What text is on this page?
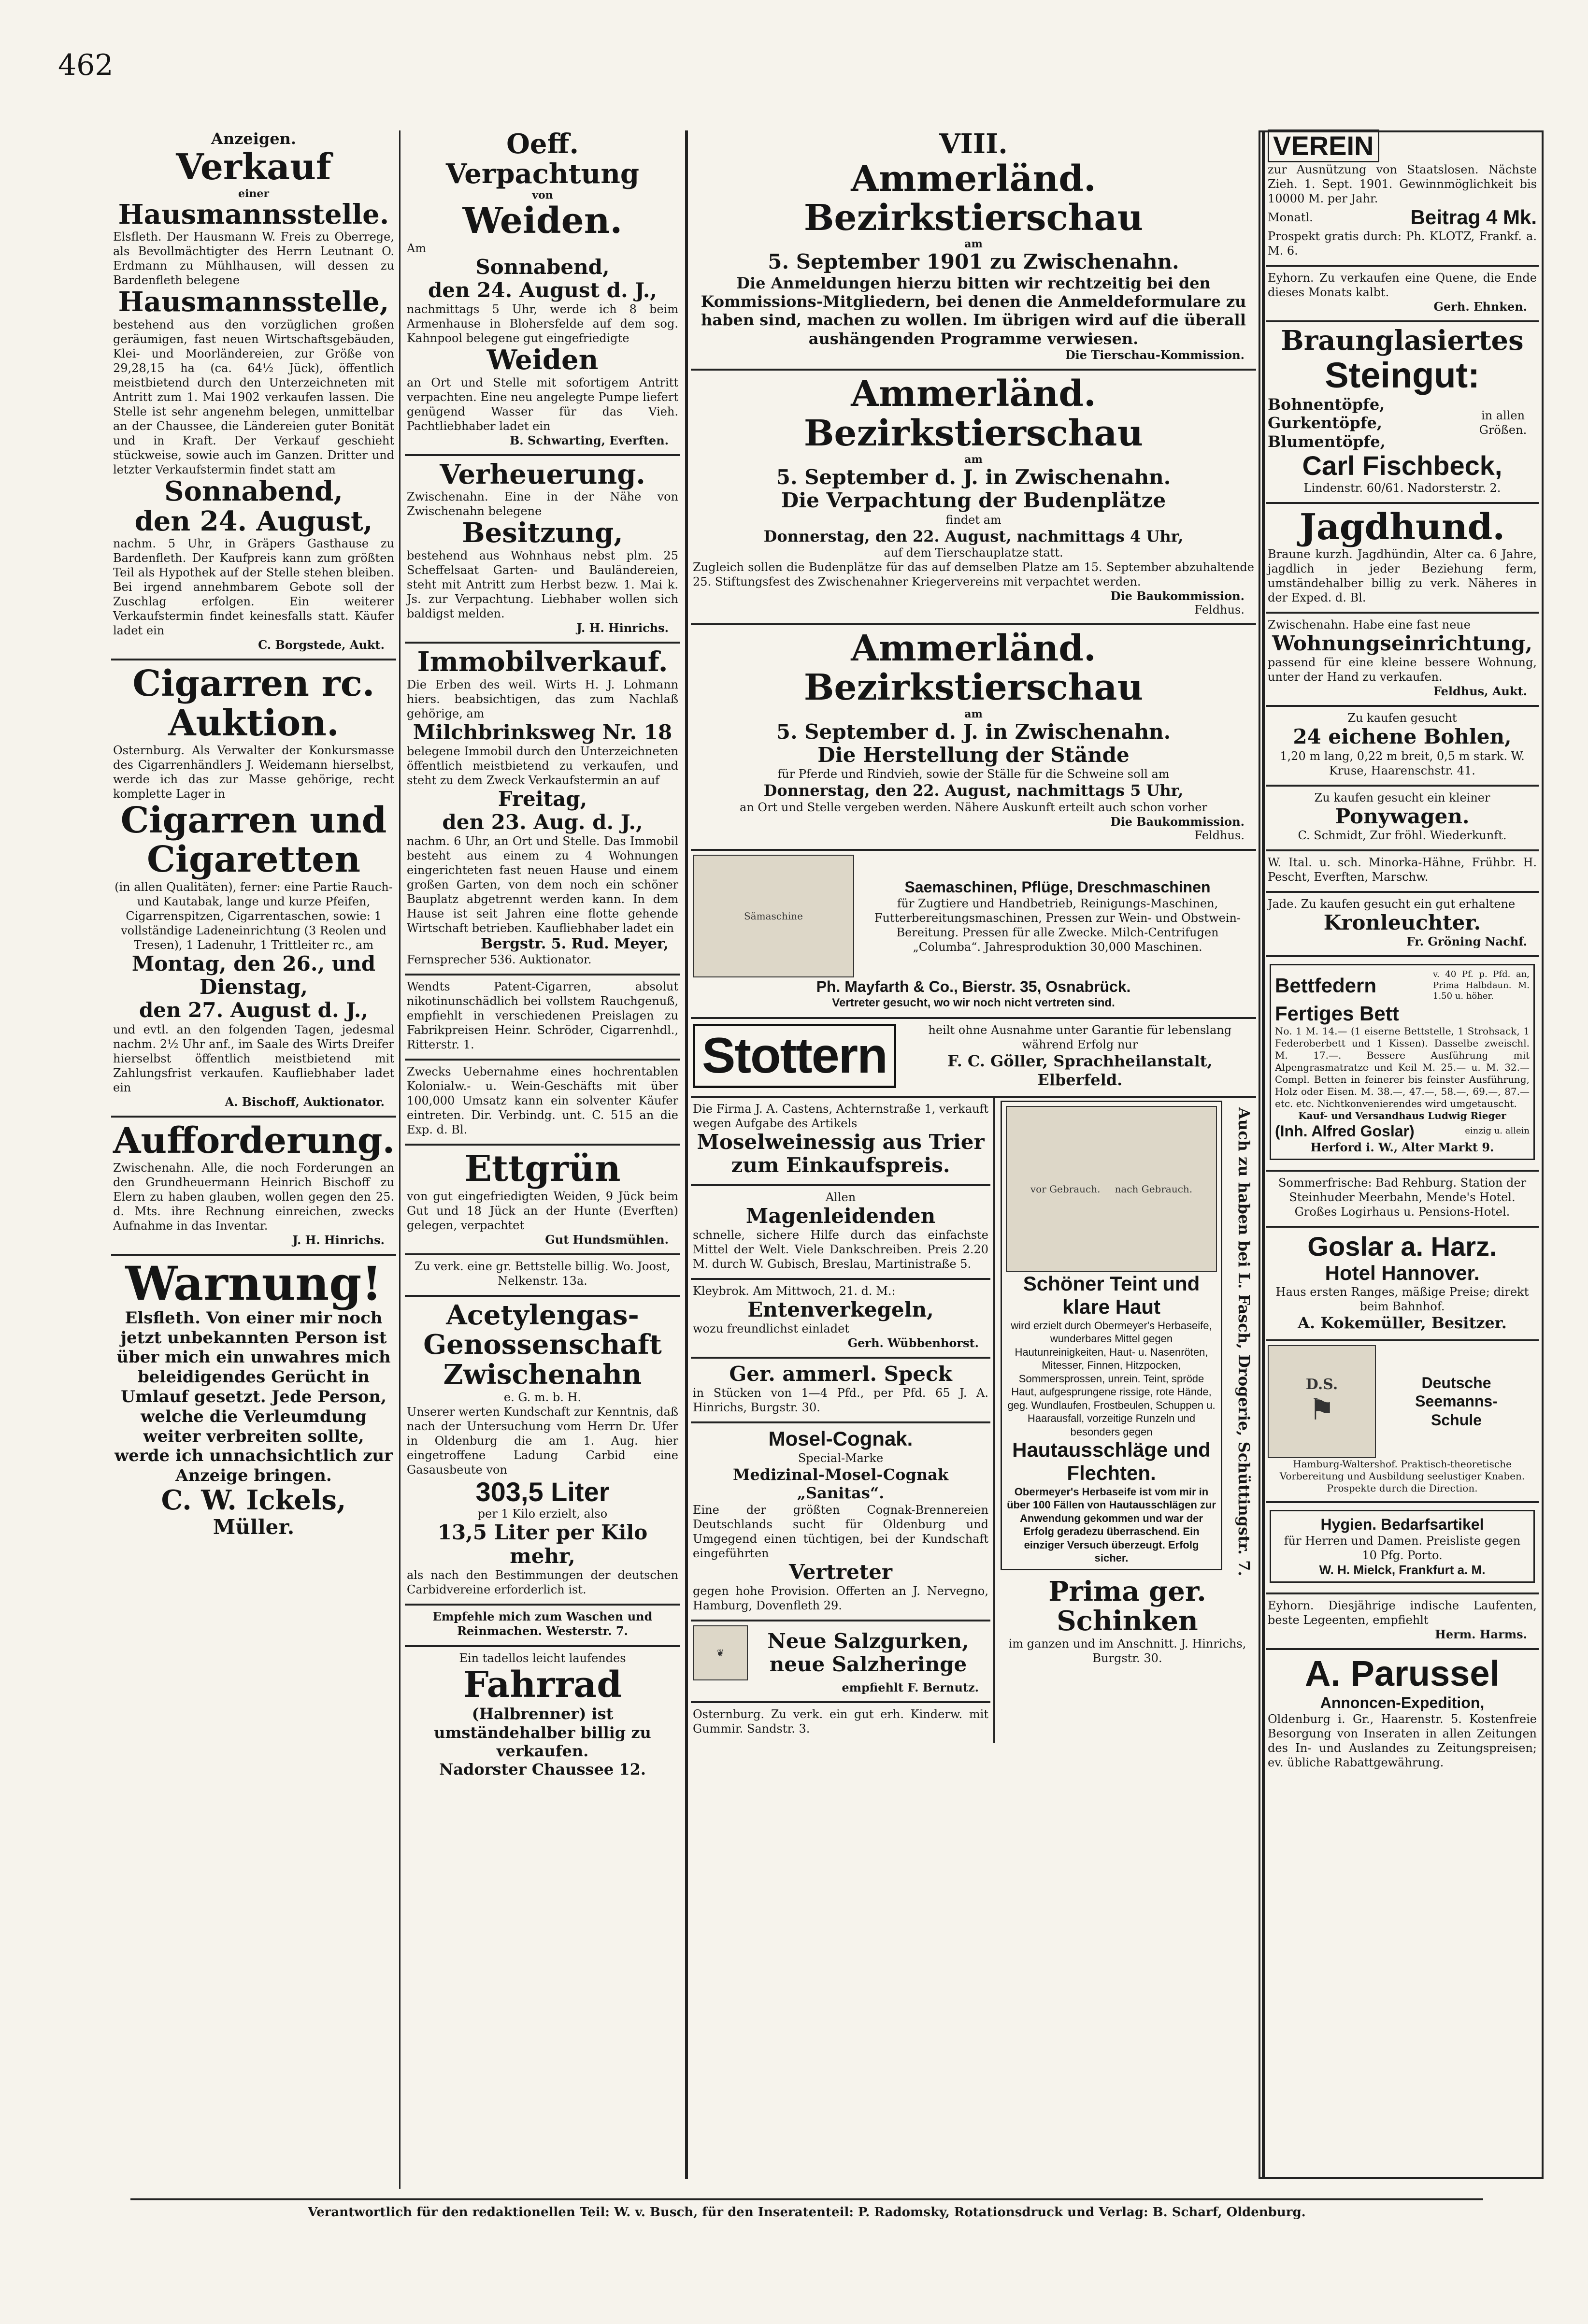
462
Anzeigen.
Verkauf
einer
Hausmannsstelle.
Elsfleth. Der Hausmann W. Freis zu Oberrege, als Bevollmächtigter des Herrn Leutnant O. Erdmann zu Mühlhausen, will dessen zu Bardenfleth belegene
Hausmannsstelle,
bestehend aus den vorzüglichen großen geräumigen, fast neuen Wirtschaftsgebäuden, Klei- und Moorländereien, zur Größe von 29,28,15 ha (ca. 64½ Jück), öffentlich meistbietend durch den Unterzeichneten mit Antritt zum 1. Mai 1902 verkaufen lassen. Die Stelle ist sehr angenehm belegen, unmittelbar an der Chaussee, die Ländereien guter Bonität und in Kraft. Der Verkauf geschieht stückweise, sowie auch im Ganzen. Dritter und letzter Verkaufstermin findet statt am
Sonnabend,
den 24. August,
nachm. 5 Uhr, in Gräpers Gasthause zu Bardenfleth. Der Kaufpreis kann zum größten Teil als Hypothek auf der Stelle stehen bleiben. Bei irgend annehmbarem Gebote soll der Zuschlag erfolgen. Ein weiterer Verkaufstermin findet keinesfalls statt. Käufer ladet ein
C. Borgstede, Aukt.
Cigarren rc.
Auktion.
Osternburg. Als Verwalter der Konkursmasse des Cigarrenhändlers J. Weidemann hierselbst, werde ich das zur Masse gehörige, recht komplette Lager in
Cigarren und
Cigaretten
(in allen Qualitäten), ferner: eine Partie Rauch- und Kautabak, lange und kurze Pfeifen, Cigarrenspitzen, Cigarrentaschen, sowie: 1 vollständige Ladeneinrichtung (3 Reolen und Tresen), 1 Ladenuhr, 1 Trittleiter rc., am
Montag, den 26., und
Dienstag,
den 27. August d. J.,
und evtl. an den folgenden Tagen, jedesmal nachm. 2½ Uhr anf., im Saale des Wirts Dreifer hierselbst öffentlich meistbietend mit Zahlungsfrist verkaufen. Kaufliebhaber ladet ein
A. Bischoff, Auktionator.
Aufforderung.
Zwischenahn. Alle, die noch Forderungen an den Grundheuermann Heinrich Bischoff zu Elern zu haben glauben, wollen gegen den 25. d. Mts. ihre Rechnung einreichen, zwecks Aufnahme in das Inventar.
J. H. Hinrichs.
Warnung!
Elsfleth. Von einer mir noch jetzt unbekannten Person ist über mich ein unwahres mich beleidigendes Gerücht in Umlauf gesetzt. Jede Person, welche die Verleumdung weiter verbreiten sollte, werde ich unnachsichtlich zur Anzeige bringen.
C. W. Ickels,
Müller.
Oeff. Verpachtung
von
Weiden.
Am
Sonnabend,
den 24. August d. J.,
nachmittags 5 Uhr, werde ich 8 beim Armenhause in Blohersfelde auf dem sog. Kahnpool belegene gut eingefriedigte
Weiden
an Ort und Stelle mit sofortigem Antritt verpachten. Eine neu angelegte Pumpe liefert genügend Wasser für das Vieh. Pachtliebhaber ladet ein
B. Schwarting, Everften.
Verheuerung.
Zwischenahn. Eine in der Nähe von Zwischenahn belegene
Besitzung,
bestehend aus Wohnhaus nebst plm. 25 Scheffelsaat Garten- und Bauländereien, steht mit Antritt zum Herbst bezw. 1. Mai k. Js. zur Verpachtung. Liebhaber wollen sich baldigst melden.
J. H. Hinrichs.
Immobilverkauf.
Die Erben des weil. Wirts H. J. Lohmann hiers. beabsichtigen, das zum Nachlaß gehörige, am
Milchbrinksweg Nr. 18
belegene Immobil durch den Unterzeichneten öffentlich meistbietend zu verkaufen, und steht zu dem Zweck Verkaufstermin an auf
Freitag,
den 23. Aug. d. J.,
nachm. 6 Uhr, an Ort und Stelle. Das Immobil besteht aus einem zu 4 Wohnungen eingerichteten fast neuen Hause und einem großen Garten, von dem noch ein schöner Bauplatz abgetrennt werden kann. In dem Hause ist seit Jahren eine flotte gehende Wirtschaft betrieben. Kaufliebhaber ladet ein
Bergstr. 5. Rud. Meyer,
Fernsprecher 536. Auktionator.
Wendts Patent-Cigarren, absolut nikotinunschädlich bei vollstem Rauchgenuß, empfiehlt in verschiedenen Preislagen zu Fabrikpreisen Heinr. Schröder, Cigarrenhdl., Ritterstr. 1.
Zwecks Uebernahme eines hochrentablen Kolonialw.- u. Wein-Geschäfts mit über 100,000 Umsatz kann ein solventer Käufer eintreten. Dir. Verbindg. unt. C. 515 an die Exp. d. Bl.
Ettgrün
von gut eingefriedigten Weiden, 9 Jück beim Gut und 18 Jück an der Hunte (Everften) gelegen, verpachtet
Gut Hundsmühlen.
Zu verk. eine gr. Bettstelle billig. Wo. Joost, Nelkenstr. 13a.
Acetylengas-
Genossenschaft
Zwischenahn
e. G. m. b. H.
Unserer werten Kundschaft zur Kenntnis, daß nach der Untersuchung vom Herrn Dr. Ufer in Oldenburg die am 1. Aug. hier eingetroffene Ladung Carbid eine Gasausbeute von
303,5 Liter
per 1 Kilo erzielt, also
13,5 Liter per Kilo mehr,
als nach den Bestimmungen der deutschen Carbidvereine erforderlich ist.
Empfehle mich zum Waschen und Reinmachen. Westerstr. 7.
Ein tadellos leicht laufendes
Fahrrad
(Halbrenner) ist umständehalber billig zu verkaufen.
Nadorster Chaussee 12.
VIII.
Ammerländ. Bezirkstierschau
am
5. September 1901 zu Zwischenahn.
Die Anmeldungen hierzu bitten wir rechtzeitig bei den Kommissions-Mitgliedern, bei denen die Anmeldeformulare zu haben sind, machen zu wollen. Im übrigen wird auf die überall aushängenden Programme verwiesen.
Die Tierschau-Kommission.
Ammerländ. Bezirkstierschau
am
5. September d. J. in Zwischenahn.
Die Verpachtung der Budenplätze
findet am
Donnerstag, den 22. August, nachmittags 4 Uhr,
auf dem Tierschauplatze statt.
Zugleich sollen die Budenplätze für das auf demselben Platze am 15. September abzuhaltende 25. Stiftungsfest des Zwischenahner Kriegervereins mit verpachtet werden.
Die Baukommission.
Feldhus.
Ammerländ. Bezirkstierschau
am
5. September d. J. in Zwischenahn.
Die Herstellung der Stände
für Pferde und Rindvieh, sowie der Ställe für die Schweine soll am
Donnerstag, den 22. August, nachmittags 5 Uhr,
an Ort und Stelle vergeben werden. Nähere Auskunft erteilt auch schon vorher
Die Baukommission.
Feldhus.
Sämaschine
Saemaschinen, Pflüge, Dreschmaschinen
für Zugtiere und Handbetrieb, Reinigungs-Maschinen, Futterbereitungsmaschinen, Pressen zur Wein- und Obstwein-Bereitung. Pressen für alle Zwecke. Milch-Centrifugen „Columba“. Jahresproduktion 30,000 Maschinen.
Ph. Mayfarth & Co., Bierstr. 35, Osnabrück.
Vertreter gesucht, wo wir noch nicht vertreten sind.
Stottern	heilt ohne Ausnahme unter Garantie für lebenslang während Erfolg nur
F. C. Göller, Sprachheilanstalt,
Elberfeld.
Die Firma J. A. Castens, Achternstraße 1, verkauft wegen Aufgabe des Artikels
Moselweinessig aus Trier zum Einkaufspreis.
Allen
Magenleidenden
schnelle, sichere Hilfe durch das einfachste Mittel der Welt. Viele Dankschreiben. Preis 2.20 M. durch W. Gubisch, Breslau, Martinistraße 5.
Kleybrok. Am Mittwoch, 21. d. M.:
Entenverkegeln,
wozu freundlichst einladet
Gerh. Wübbenhorst.
Ger. ammerl. Speck
in Stücken von 1—4 Pfd., per Pfd. 65 J. A. Hinrichs, Burgstr. 30.
Mosel-Cognak.
Special-Marke
Medizinal-Mosel-Cognak „Sanitas“.
Eine der größten Cognak-Brennereien Deutschlands sucht für Oldenburg und Umgegend einen tüchtigen, bei der Kundschaft eingeführten
Vertreter
gegen hohe Provision. Offerten an J. Nervegno, Hamburg, Dovenfleth 29.
❦
Neue Salzgurken, neue Salzheringe
empfiehlt F. Bernutz.
Osternburg. Zu verk. ein gut erh. Kinderw. mit Gummir. Sandstr. 3.
vor Gebrauch. nach Gebrauch.
Schöner Teint und klare Haut
wird erzielt durch Obermeyer's Herbaseife, wunderbares Mittel gegen Hautunreinigkeiten, Haut- u. Nasenröten, Mitesser, Finnen, Hitzpocken, Sommersprossen, unrein. Teint, spröde Haut, aufgesprungene rissige, rote Hände, geg. Wundlaufen, Frostbeulen, Schuppen u. Haarausfall, vorzeitige Runzeln und besonders gegen
Hautausschläge und Flechten.
Obermeyer's Herbaseife ist vom mir in über 100 Fällen von Hautausschlägen zur Anwendung gekommen und war der Erfolg geradezu überraschend. Ein einziger Versuch überzeugt. Erfolg sicher.	Auch zu haben bei L. Fasch, Drogerie, Schüttingstr. 7.
Prima ger. Schinken
im ganzen und im Anschnitt. J. Hinrichs, Burgstr. 30.
VEREIN
zur Ausnützung von Staatslosen. Nächste Zieh. 1. Sept. 1901. Gewinnmöglichkeit bis 10000 M. per Jahr.
Monatl.	Beitrag 4 Mk.
Prospekt gratis durch: Ph. KLOTZ, Frankf. a. M. 6.
Eyhorn. Zu verkaufen eine Quene, die Ende dieses Monats kalbt.
Gerh. Ehnken.
Braunglasiertes
Steingut:
Bohnentöpfe,
Gurkentöpfe,
Blumentöpfe,
in allen Größen.
Carl Fischbeck,
Lindenstr. 60/61. Nadorsterstr. 2.
Jagdhund.
Braune kurzh. Jagdhündin, Alter ca. 6 Jahre, jagdlich in jeder Beziehung ferm, umständehalber billig zu verk. Näheres in der Exped. d. Bl.
Zwischenahn. Habe eine fast neue
Wohnungseinrichtung,
passend für eine kleine bessere Wohnung, unter der Hand zu verkaufen.
Feldhus, Aukt.
Zu kaufen gesucht
24 eichene Bohlen,
1,20 m lang, 0,22 m breit, 0,5 m stark. W. Kruse, Haarenschstr. 41.
Zu kaufen gesucht ein kleiner
Ponywagen.
C. Schmidt, Zur fröhl. Wiederkunft.
W. Ital. u. sch. Minorka-Hähne, Frühbr. H. Pescht, Everften, Marschw.
Jade. Zu kaufen gesucht ein gut erhaltene
Kronleuchter.
Fr. Gröning Nachf.
Bettfedern	v. 40 Pf. p. Pfd. an, Prima Halbdaun. M. 1.50 u. höher.
Fertiges Bett
No. 1 M. 14.— (1 eiserne Bettstelle, 1 Strohsack, 1 Federoberbett und 1 Kissen). Dasselbe zweischl. M. 17.—. Bessere Ausführung mit Alpengrasmatratze und Keil M. 25.— u. M. 32.— Compl. Betten in feinerer bis feinster Ausführung, Holz oder Eisen. M. 38.—, 47.—, 58.—, 69.—, 87.— etc. etc. Nichtkonvenierendes wird umgetauscht.
Kauf- und Versandhaus Ludwig Rieger
(Inh. Alfred Goslar)	einzig u. allein
Herford i. W., Alter Markt 9.
Sommerfrische: Bad Rehburg. Station der Steinhuder Meerbahn, Mende's Hotel. Großes Logirhaus u. Pensions-Hotel.
Goslar a. Harz.
Hotel Hannover.
Haus ersten Ranges, mäßige Preise; direkt beim Bahnhof.
A. Kokemüller, Besitzer.
D.S.
⚑
Deutsche
Seemanns-
Schule
Hamburg-Waltershof. Praktisch-theoretische Vorbereitung und Ausbildung seelustiger Knaben. Prospekte durch die Direction.
Hygien. Bedarfsartikel
für Herren und Damen. Preisliste gegen 10 Pfg. Porto.
W. H. Mielck, Frankfurt a. M.
Eyhorn. Diesjährige indische Laufenten, beste Legeenten, empfiehlt
Herm. Harms.
A. Parussel
Annoncen-Expedition,
Oldenburg i. Gr., Haarenstr. 5. Kostenfreie Besorgung von Inseraten in allen Zeitungen des In- und Auslandes zu Zeitungspreisen; ev. übliche Rabattgewährung.
Verantwortlich für den redaktionellen Teil: W. v. Busch, für den Inseratenteil: P. Radomsky, Rotationsdruck und Verlag: B. Scharf, Oldenburg.
